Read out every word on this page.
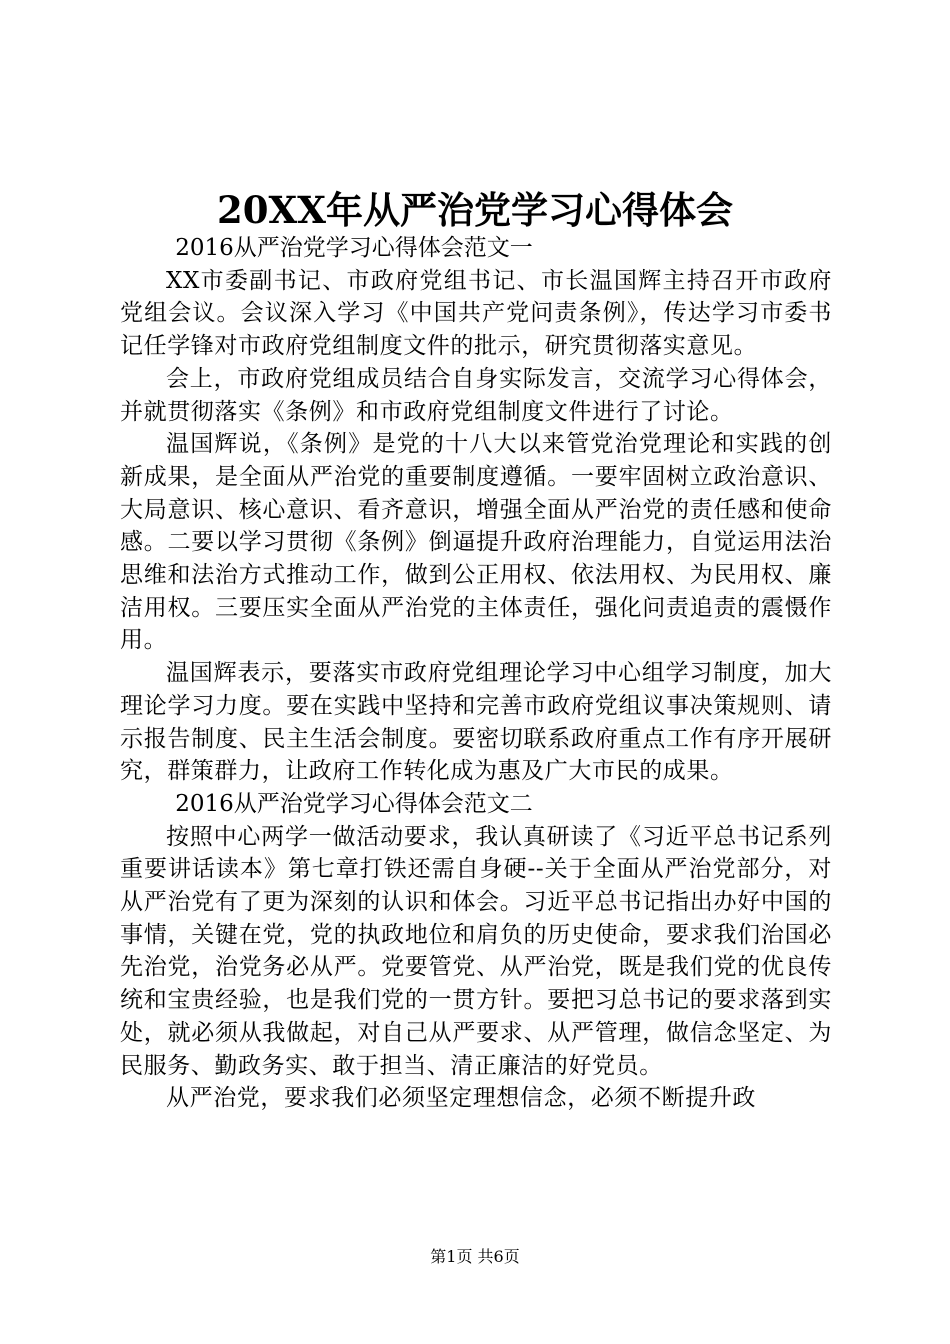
20XX年从严治党学习心得体会

2016从严治党学习心得体会范文一

XX市委副书记、市政府党组书记、市长温国辉主持召开市政府党组会议。会议深入学习《中国共产党问责条例》，传达学习市委书记任学锋对市政府党组制度文件的批示，研究贯彻落实意见。

会上，市政府党组成员结合自身实际发言，交流学习心得体会，并就贯彻落实《条例》和市政府党组制度文件进行了讨论。

温国辉说，《条例》是党的十八大以来管党治党理论和实践的创新成果，是全面从严治党的重要制度遵循。一要牢固树立政治意识、大局意识、核心意识、看齐意识，增强全面从严治党的责任感和使命感。二要以学习贯彻《条例》倒逼提升政府治理能力，自觉运用法治思维和法治方式推动工作，做到公正用权、依法用权、为民用权、廉洁用权。三要压实全面从严治党的主体责任，强化问责追责的震慑作用。

温国辉表示，要落实市政府党组理论学习中心组学习制度，加大理论学习力度。要在实践中坚持和完善市政府党组议事决策规则、请示报告制度、民主生活会制度。要密切联系政府重点工作有序开展研究，群策群力，让政府工作转化成为惠及广大市民的成果。

2016从严治党学习心得体会范文二

按照中心两学一做活动要求，我认真研读了《习近平总书记系列重要讲话读本》第七章打铁还需自身硬--关于全面从严治党部分，对从严治党有了更为深刻的认识和体会。习近平总书记指出办好中国的事情，关键在党，党的执政地位和肩负的历史使命，要求我们治国必先治党，治党务必从严。党要管党、从严治党，既是我们党的优良传统和宝贵经验，也是我们党的一贯方针。要把习总书记的要求落到实处，就必须从我做起，对自己从严要求、从严管理，做信念坚定、为民服务、勤政务实、敢于担当、清正廉洁的好党员。

从严治党，要求我们必须坚定理想信念，必须不断提升政

第1页 共6页
